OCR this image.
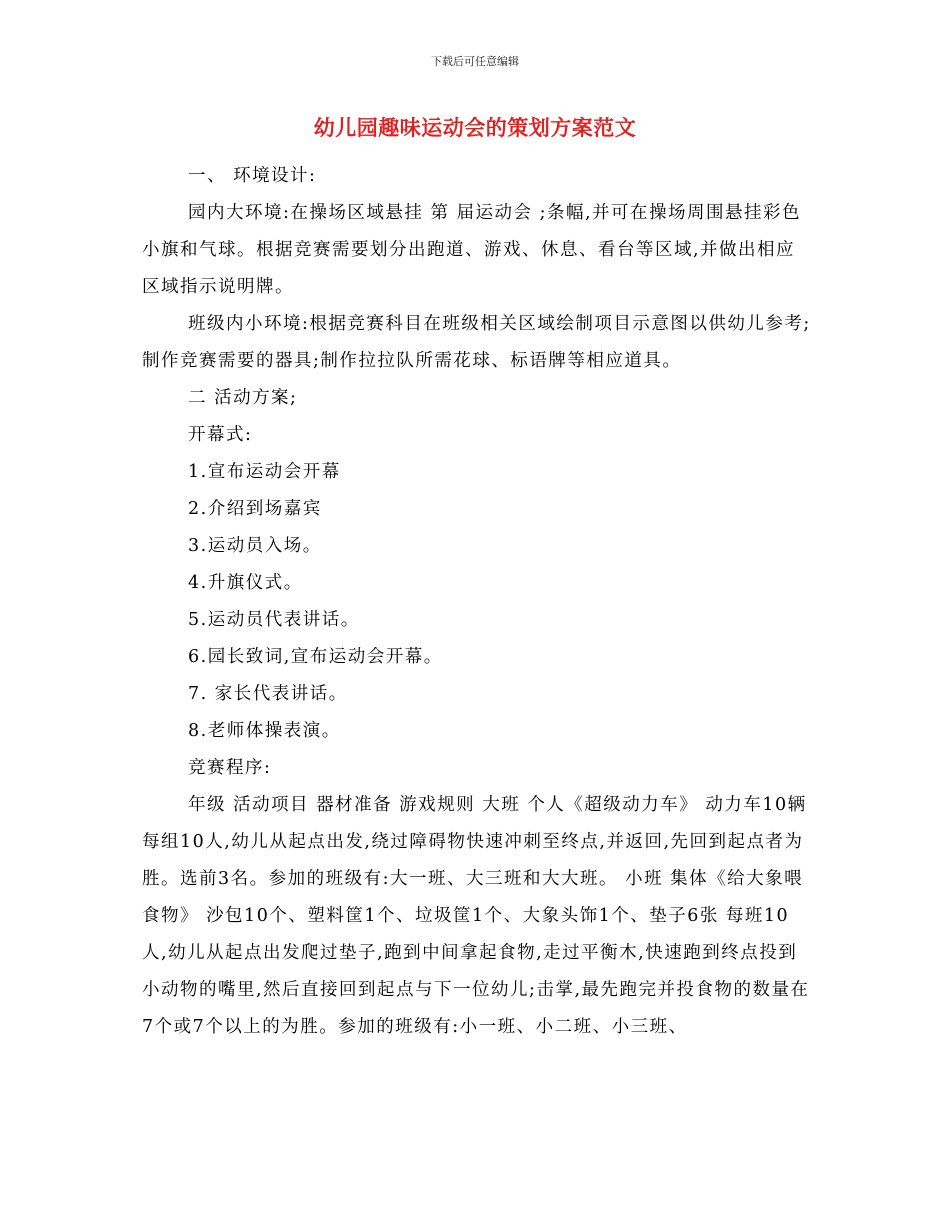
下载后可任意编辑
幼儿园趣味运动会的策划方案范文

一、 环境设计:

园内大环境:在操场区域悬挂 第 届运动会 ;条幅,并可在操场周围悬挂彩色小旗和气球。根据竞赛需要划分出跑道、游戏、休息、看台等区域,并做出相应区域指示说明牌。

班级内小环境:根据竞赛科目在班级相关区域绘制项目示意图以供幼儿参考;制作竞赛需要的器具;制作拉拉队所需花球、标语牌等相应道具。

二 活动方案;

开幕式:

1.宣布运动会开幕

2.介绍到场嘉宾

3.运动员入场。

4.升旗仪式。

5.运动员代表讲话。

6.园长致词,宣布运动会开幕。

7. 家长代表讲话。

8.老师体操表演。

竞赛程序:

年级 活动项目 器材准备 游戏规则 大班 个人《超级动力车》 动力车10辆 每组10人,幼儿从起点出发,绕过障碍物快速冲刺至终点,并返回,先回到起点者为胜。选前3名。参加的班级有:大一班、大三班和大大班。 小班 集体《给大象喂食物》 沙包10个、塑料筐1个、垃圾筐1个、大象头饰1个、垫子6张 每班10人,幼儿从起点出发爬过垫子,跑到中间拿起食物,走过平衡木,快速跑到终点投到小动物的嘴里,然后直接回到起点与下一位幼儿;击掌,最先跑完并投食物的数量在7个或7个以上的为胜。参加的班级有:小一班、小二班、小三班、
